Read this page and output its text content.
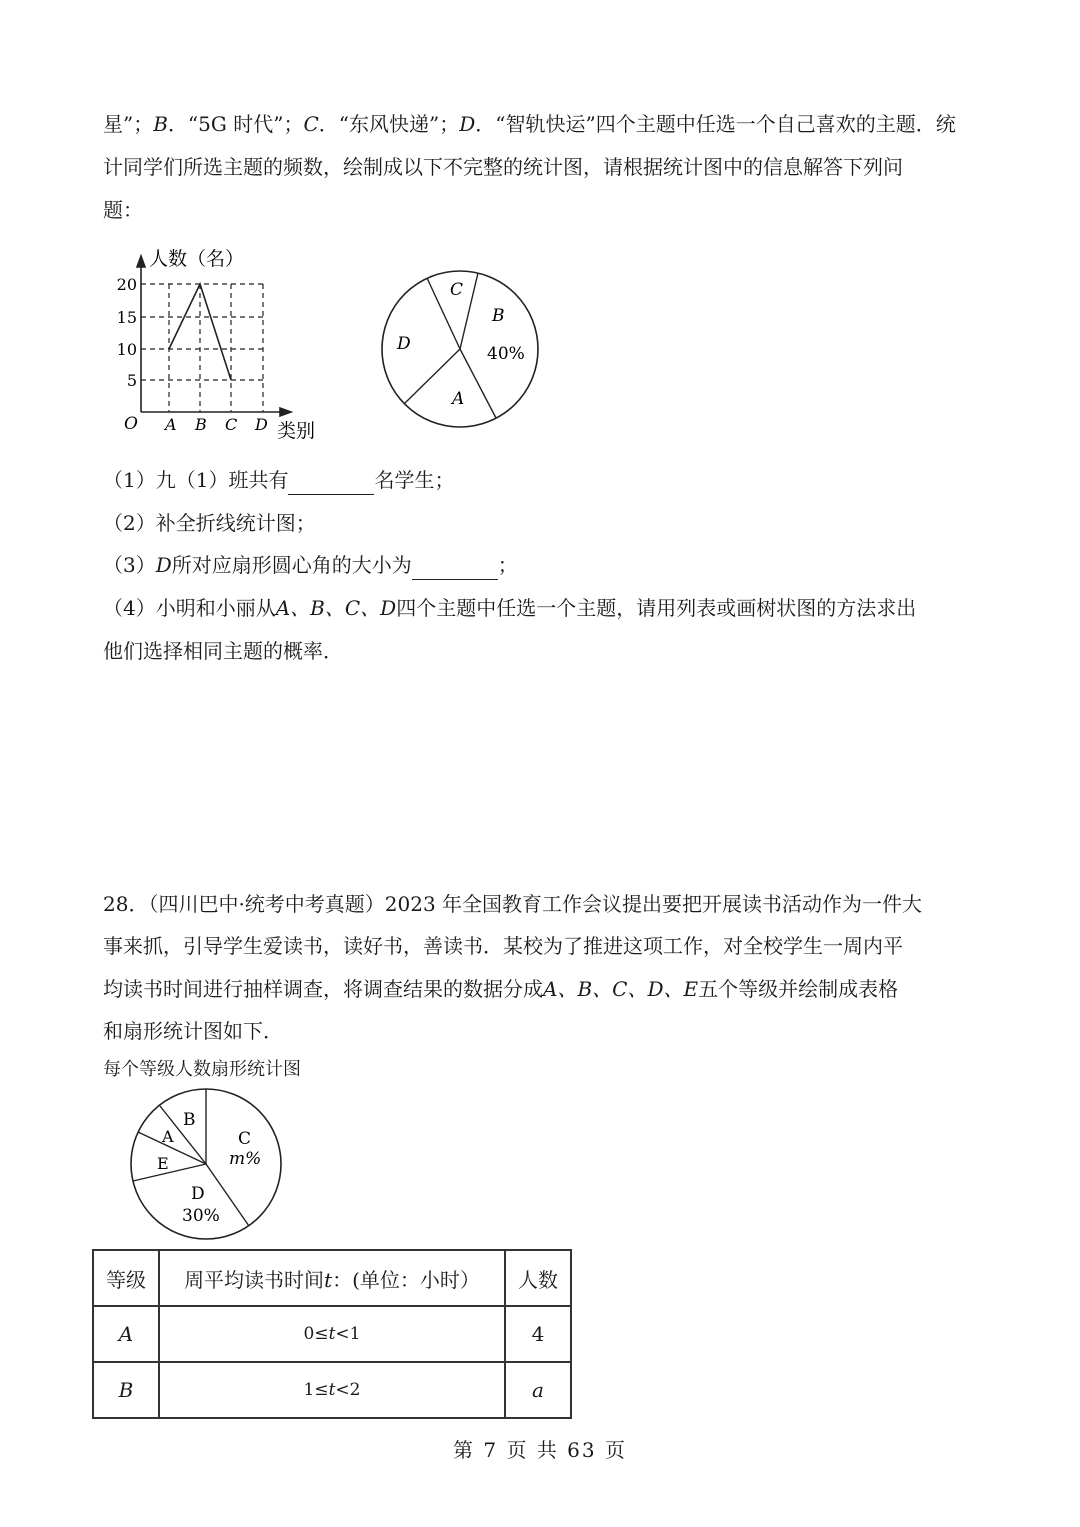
星”；B．“5G 时代”；C．“东风快递”；D．“智轨快运”四个主题中任选一个自己喜欢的主题．统
计同学们所选主题的频数，绘制成以下不完整的统计图，请根据统计图中的信息解答下列问
题：
人数（名）
20
15
10
5
O A B C D 类别
C
B
40%
D
A
（1）九（1）班共有	名学生；
（2）补全折线统计图；
（3）D所对应扇形圆心角的大小为	；
（4）小明和小丽从A、B、C、D四个主题中任选一个主题，请用列表或画树状图的方法求出
他们选择相同主题的概率．
28．（四川巴中·统考中考真题）2023 年全国教育工作会议提出要把开展读书活动作为一件大
事来抓，引导学生爱读书，读好书，善读书．某校为了推进这项工作，对全校学生一周内平
均读书时间进行抽样调查，将调查结果的数据分成A、B、C、D、E五个等级并绘制成表格
和扇形统计图如下．
每个等级人数扇形统计图
B
A
E
C
m%
D
30%
等级	周平均读书时间t：(单位：小时）	人数
A	0≤t<1	4
B	1≤t<2	a
第 7 页 共 63 页
